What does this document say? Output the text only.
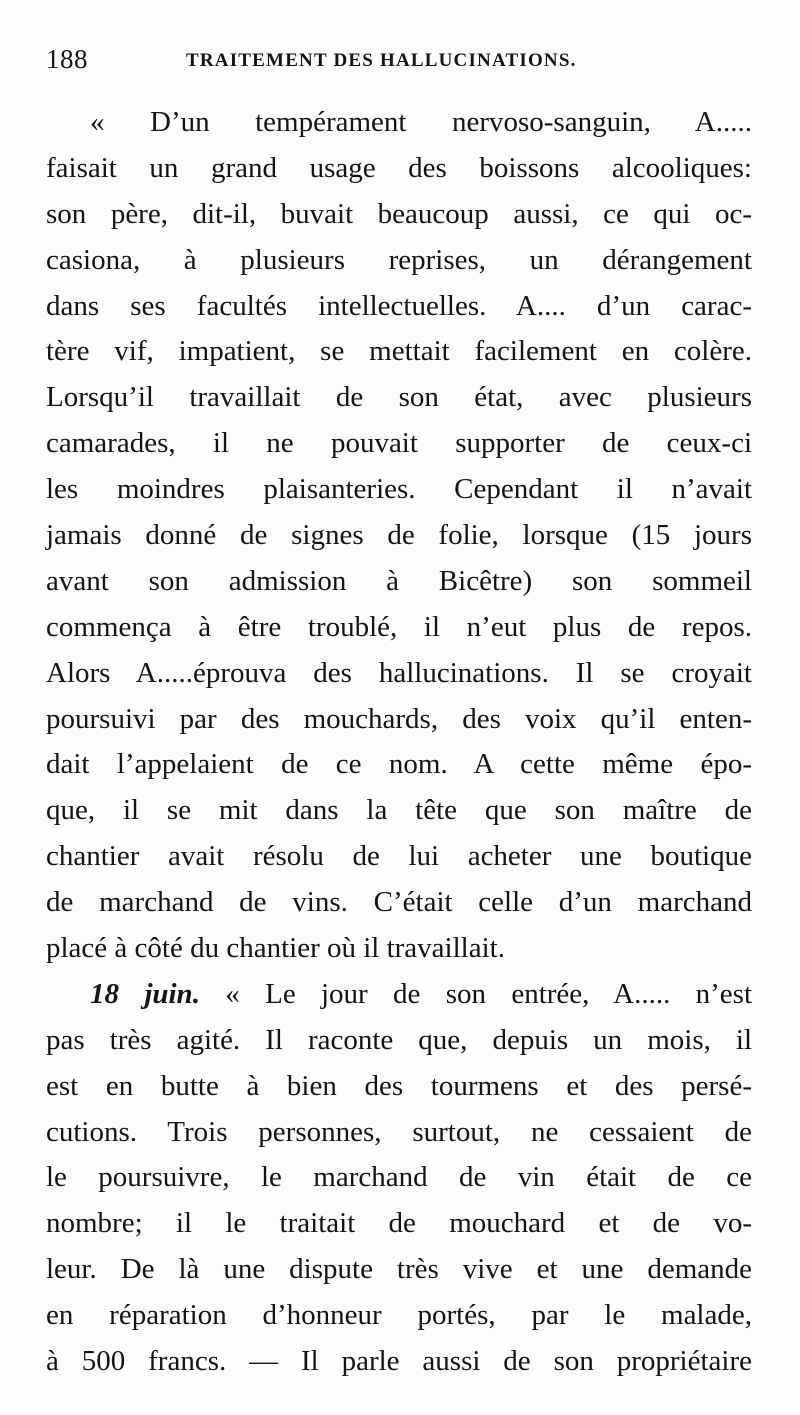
188	TRAITEMENT DES HALLUCINATIONS.
« D’un tempérament nervoso-sanguin, A.....
faisait un grand usage des boissons alcooliques:
son père, dit-il, buvait beaucoup aussi, ce qui oc-
casiona, à plusieurs reprises, un dérangement
dans ses facultés intellectuelles. A.... d’un carac-
tère vif, impatient, se mettait facilement en colère.
Lorsqu’il travaillait de son état, avec plusieurs
camarades, il ne pouvait supporter de ceux-ci
les moindres plaisanteries. Cependant il n’avait
jamais donné de signes de folie, lorsque (15 jours
avant son admission à Bicêtre) son sommeil
commença à être troublé, il n’eut plus de repos.
Alors A.....éprouva des hallucinations. Il se croyait
poursuivi par des mouchards, des voix qu’il enten-
dait l’appelaient de ce nom. A cette même épo-
que, il se mit dans la tête que son maître de
chantier avait résolu de lui acheter une boutique
de marchand de vins. C’était celle d’un marchand
placé à côté du chantier où il travaillait.
18 juin. « Le jour de son entrée, A..... n’est
pas très agité. Il raconte que, depuis un mois, il
est en butte à bien des tourmens et des persé-
cutions. Trois personnes, surtout, ne cessaient de
le poursuivre, le marchand de vin était de ce
nombre; il le traitait de mouchard et de vo-
leur. De là une dispute très vive et une demande
en réparation d’honneur portés, par le malade,
à 500 francs. — Il parle aussi de son propriétaire
